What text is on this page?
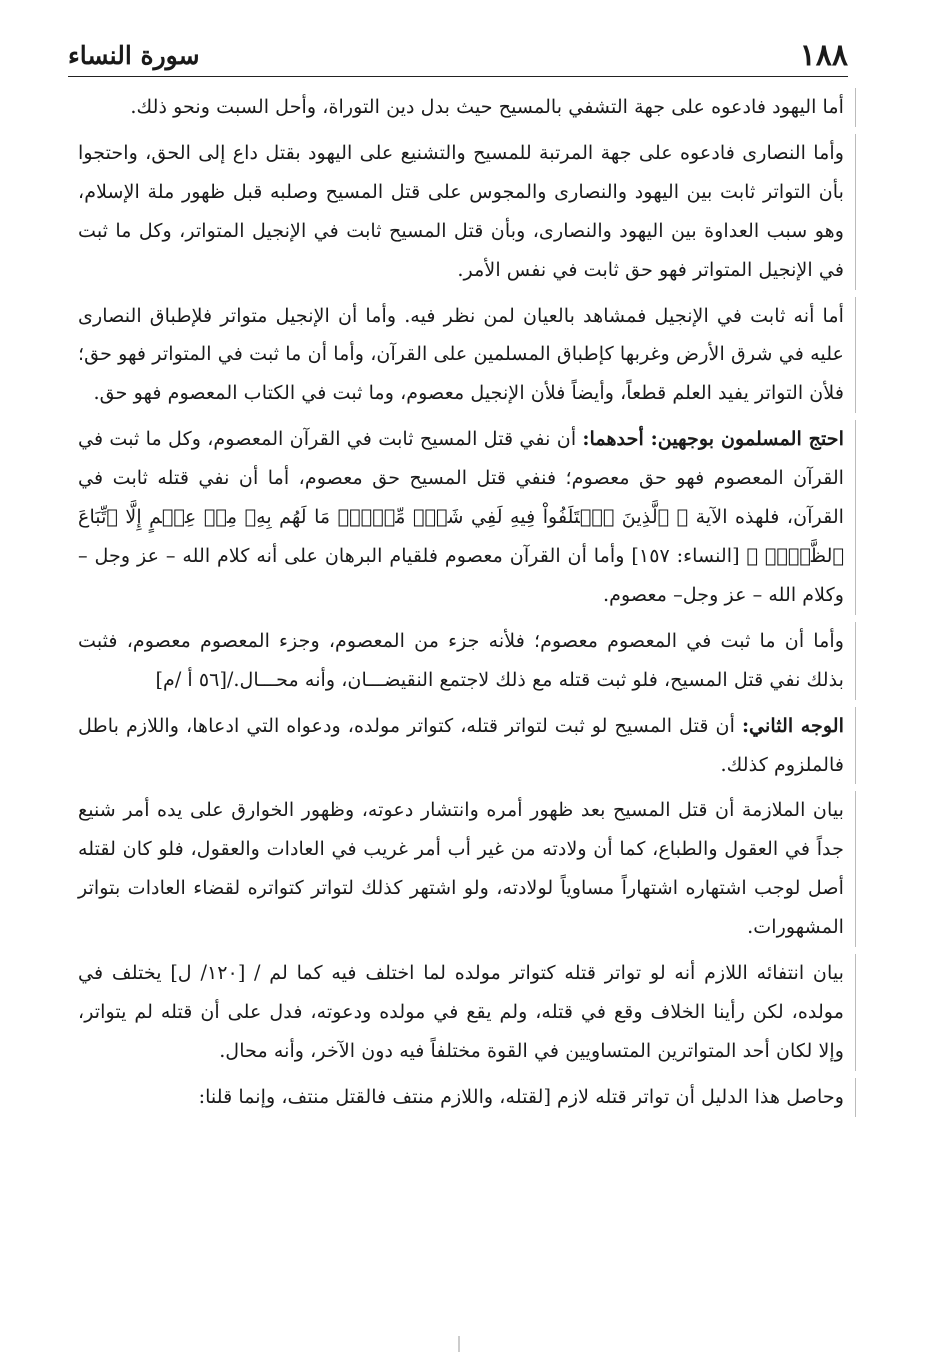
١٨٨
سورة النساء

أما اليهود فادعوه على جهة التشفي بالمسيح حيث بدل دين التوراة، وأحل السبت ونحو ذلك.

وأما النصارى فادعوه على جهة المرتبة للمسيح والتشنيع على اليهود بقتل داع إلى الحق، واحتجوا بأن التواتر ثابت بين اليهود والنصارى والمجوس على قتل المسيح وصلبه قبل ظهور ملة الإسلام، وهو سبب العداوة بين اليهود والنصارى، وبأن قتل المسيح ثابت في الإنجيل المتواتر، وكل ما ثبت في الإنجيل المتواتر فهو حق ثابت في نفس الأمر.

أما أنه ثابت في الإنجيل فمشاهد بالعيان لمن نظر فيه. وأما أن الإنجيل متواتر فلإطباق النصارى عليه في شرق الأرض وغربها كإطباق المسلمين على القرآن، وأما أن ما ثبت في المتواتر فهو حق؛ فلأن التواتر يفيد العلم قطعاً، وأيضاً فلأن الإنجيل معصوم، وما ثبت في الكتاب المعصوم فهو حق.

احتج المسلمون بوجهين: أحدهما: أن نفي قتل المسيح ثابت في القرآن المعصوم، وكل ما ثبت في القرآن المعصوم فهو حق معصوم؛ فنفي قتل المسيح حق معصوم، أما أن نفي قتله ثابت في القرآن، فلهذه الآية ﴿ ٱلَّذِينَ ٱخۡتَلَفُواْ فِيهِ لَفِي شَكّٖ مِّنۡهُۚ مَا لَهُم بِهِۦ مِنۡ عِلۡمٍ إِلَّا ٱتِّبَاعَ ٱلظَّنِّۚ ﴾ [النساء: ١٥٧] وأما أن القرآن معصوم فلقيام البرهان على أنه كلام الله – عز وجل – وكلام الله – عز وجل– معصوم.

وأما أن ما ثبت في المعصوم معصوم؛ فلأنه جزء من المعصوم، وجزء المعصوم معصوم، فثبت بذلك نفي قتل المسيح، فلو ثبت قتله مع ذلك لاجتمع النقيضـــان، وأنه محـــال./[٥٦ أ /م]

الوجه الثاني: أن قتل المسيح لو ثبت لتواتر قتله، كتواتر مولده، ودعواه التي ادعاها، واللازم باطل فالملزوم كذلك.

بيان الملازمة أن قتل المسيح بعد ظهور أمره وانتشار دعوته، وظهور الخوارق على يده أمر شنيع جداً في العقول والطباع، كما أن ولادته من غير أب أمر غريب في العادات والعقول، فلو كان لقتله أصل لوجب اشتهاره اشتهاراً مساوياً لولادته، ولو اشتهر كذلك لتواتر كتواتره لقضاء العادات بتواتر المشهورات.

بيان انتفائه اللازم أنه لو تواتر قتله كتواتر مولده لما اختلف فيه كما لم / [١٢٠/ ل] يختلف في مولده، لكن رأينا الخلاف وقع في قتله، ولم يقع في مولده ودعوته، فدل على أن قتله لم يتواتر، وإلا لكان أحد المتواترين المتساويين في القوة مختلفاً فيه دون الآخر، وأنه محال.

وحاصل هذا الدليل أن تواتر قتله لازم [لقتله، واللازم منتف فالقتل منتف، وإنما قلنا:
